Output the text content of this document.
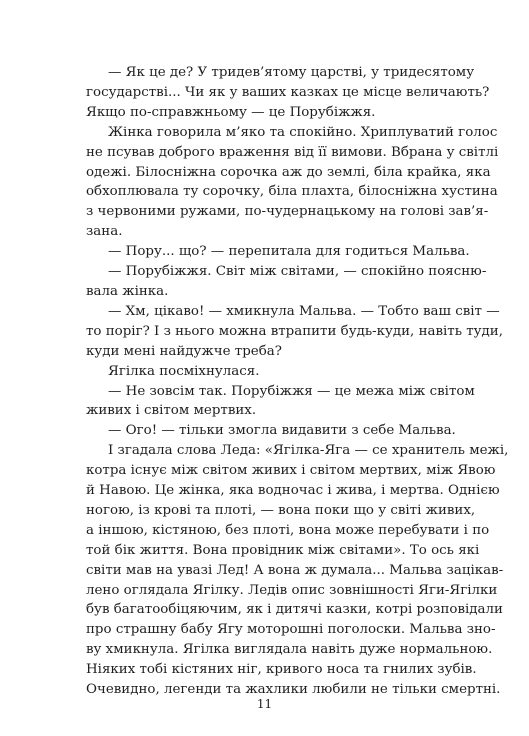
— Як це де? У тридев’ятому царстві, у тридесятому
государстві... Чи як у ваших казках це місце величають?
Якщо по-справжньому — це Порубіжжя.
Жінка говорила м’яко та спокійно. Хриплуватий голос
не псував доброго враження від її вимови. Вбрана у світлі
одежі. Білосніжна сорочка аж до землі, біла крайка, яка
обхоплювала ту сорочку, біла плахта, білосніжна хустина
з червоними ружами, по-чудернацькому на голові зав’я-
зана.
— Пору... що? — перепитала для годиться Мальва.
— Порубіжжя. Світ між світами, — спокійно поясню-
вала жінка.
— Хм, цікаво! — хмикнула Мальва. — Тобто ваш світ —
то поріг? І з нього можна втрапити будь-куди, навіть туди,
куди мені найдужче треба?
Ягілка посміхнулася.
— Не зовсім так. Порубіжжя — це межа між світом
живих і світом мертвих.
— Ого! — тільки змогла видавити з себе Мальва.
І згадала слова Леда: «Ягілка-Яга — се хранитель межі,
котра існує між світом живих і світом мертвих, між Явою
й Навою. Це жінка, яка водночас і жива, і мертва. Однією
ногою, із крові та плоті, — вона поки що у світі живих,
а іншою, кістяною, без плоті, вона може перебувати і по
той бік життя. Вона провідник між світами». То ось які
світи мав на увазі Лед! А вона ж думала... Мальва зацікав-
лено оглядала Ягілку. Ледів опис зовнішності Яги-Ягілки
був багатообіцяючим, як і дитячі казки, котрі розповідали
про страшну бабу Ягу моторошні поголоски. Мальва зно-
ву хмикнула. Ягілка виглядала навіть дуже нормальною.
Ніяких тобі кістяних ніг, кривого носа та гнилих зубів.
Очевидно, легенди та жахлики любили не тільки смертні.
11
